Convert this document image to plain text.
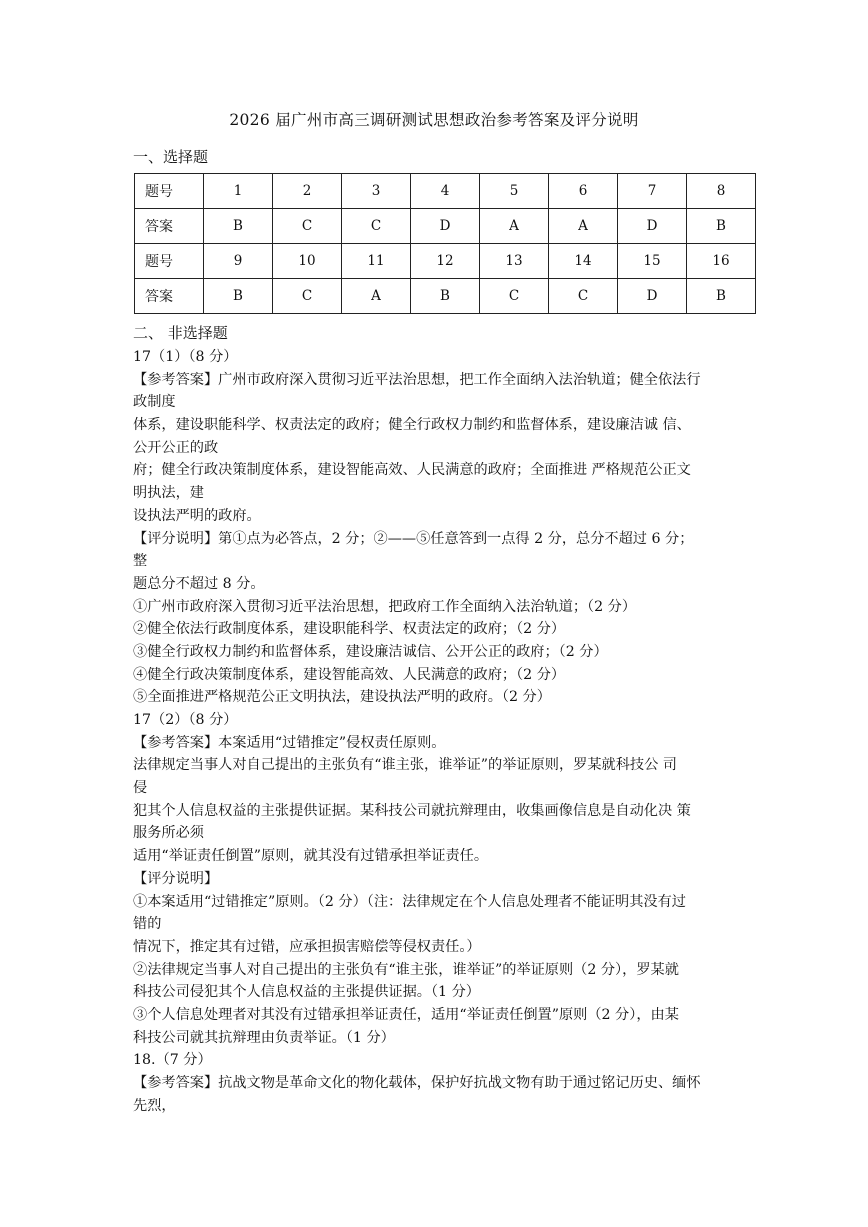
2026 届广州市高三调研测试思想政治参考答案及评分说明
一、选择题
题号	1	2	3	4	5	6	7	8
答案	B	C	C	D	A	A	D	B
题号	9	10	11	12	13	14	15	16
答案	B	C	A	B	C	C	D	B
二、 非选择题
17（1）（8 分）
【参考答案】广州市政府深入贯彻习近平法治思想，把工作全面纳入法治轨道；健全依法行
政制度
体系，建设职能科学、权责法定的政府；健全行政权力制约和监督体系，建设廉洁诚 信、
公开公正的政
府；健全行政决策制度体系，建设智能高效、人民满意的政府；全面推进 严格规范公正文
明执法，建
设执法严明的政府。
【评分说明】第①点为必答点，2 分；②——⑤任意答到一点得 2 分，总分不超过 6 分；
整
题总分不超过 8 分。
①广州市政府深入贯彻习近平法治思想，把政府工作全面纳入法治轨道；（2 分）
②健全依法行政制度体系，建设职能科学、权责法定的政府；（2 分）
③健全行政权力制约和监督体系，建设廉洁诚信、公开公正的政府；（2 分）
④健全行政决策制度体系，建设智能高效、人民满意的政府；（2 分）
⑤全面推进严格规范公正文明执法，建设执法严明的政府。（2 分）
17（2）（8 分）
【参考答案】本案适用“过错推定”侵权责任原则。
法律规定当事人对自己提出的主张负有“谁主张，谁举证”的举证原则，罗某就科技公 司
侵
犯其个人信息权益的主张提供证据。某科技公司就抗辩理由，收集画像信息是自动化决 策
服务所必须
适用“举证责任倒置”原则，就其没有过错承担举证责任。
【评分说明】
①本案适用“过错推定”原则。（2 分）（注：法律规定在个人信息处理者不能证明其没有过
错的
情况下，推定其有过错，应承担损害赔偿等侵权责任。）
②法律规定当事人对自己提出的主张负有“谁主张，谁举证”的举证原则（2 分），罗某就
科技公司侵犯其个人信息权益的主张提供证据。（1 分）
③个人信息处理者对其没有过错承担举证责任，适用“举证责任倒置”原则（2 分），由某
科技公司就其抗辩理由负责举证。（1 分）
18.（7 分）
【参考答案】抗战文物是革命文化的物化载体，保护好抗战文物有助于通过铭记历史、缅怀
先烈，
